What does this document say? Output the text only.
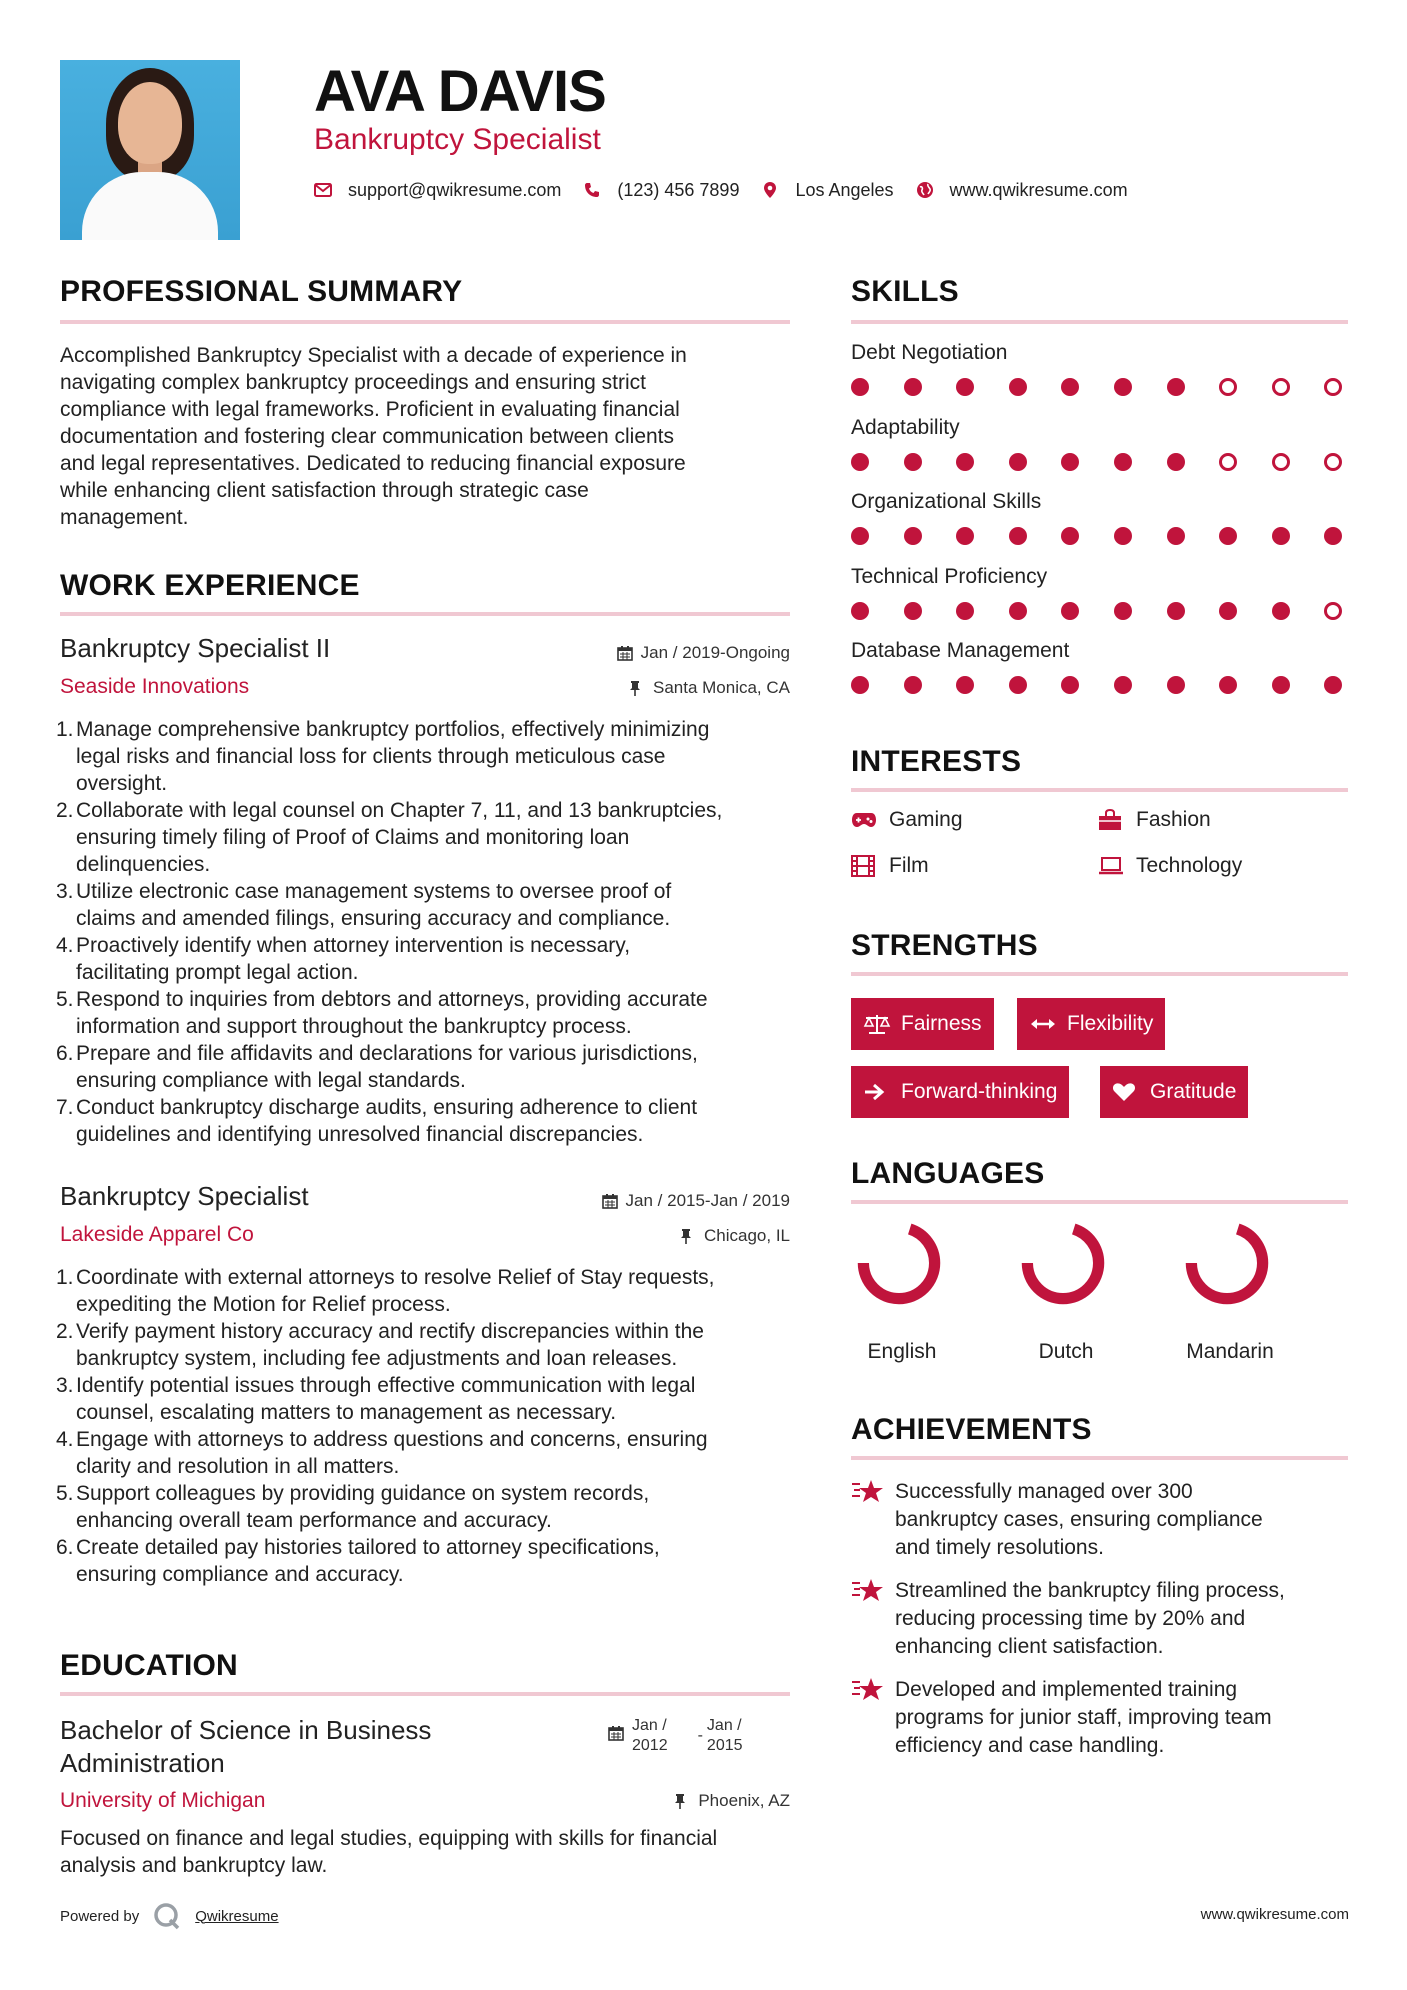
AVA DAVIS
Bankruptcy Specialist
support@qwikresume.com	(123) 456 7899	Los Angeles	www.qwikresume.com
PROFESSIONAL SUMMARY
Accomplished Bankruptcy Specialist with a decade of experience in
navigating complex bankruptcy proceedings and ensuring strict
compliance with legal frameworks. Proficient in evaluating financial
documentation and fostering clear communication between clients
and legal representatives. Dedicated to reducing financial exposure
while enhancing client satisfaction through strategic case
management.
WORK EXPERIENCE
Bankruptcy Specialist II	Jan / 2019-Ongoing
Seaside Innovations	Santa Monica, CA
1. Manage comprehensive bankruptcy portfolios, effectively minimizing
legal risks and financial loss for clients through meticulous case
oversight.
2. Collaborate with legal counsel on Chapter 7, 11, and 13 bankruptcies,
ensuring timely filing of Proof of Claims and monitoring loan
delinquencies.
3. Utilize electronic case management systems to oversee proof of
claims and amended filings, ensuring accuracy and compliance.
4. Proactively identify when attorney intervention is necessary,
facilitating prompt legal action.
5. Respond to inquiries from debtors and attorneys, providing accurate
information and support throughout the bankruptcy process.
6. Prepare and file affidavits and declarations for various jurisdictions,
ensuring compliance with legal standards.
7. Conduct bankruptcy discharge audits, ensuring adherence to client
guidelines and identifying unresolved financial discrepancies.
Bankruptcy Specialist	Jan / 2015-Jan / 2019
Lakeside Apparel Co	Chicago, IL
1. Coordinate with external attorneys to resolve Relief of Stay requests,
expediting the Motion for Relief process.
2. Verify payment history accuracy and rectify discrepancies within the
bankruptcy system, including fee adjustments and loan releases.
3. Identify potential issues through effective communication with legal
counsel, escalating matters to management as necessary.
4. Engage with attorneys to address questions and concerns, ensuring
clarity and resolution in all matters.
5. Support colleagues by providing guidance on system records,
enhancing overall team performance and accuracy.
6. Create detailed pay histories tailored to attorney specifications,
ensuring compliance and accuracy.
EDUCATION
Bachelor of Science in Business
Administration
Jan /
2012
-
Jan /
2015
University of Michigan	Phoenix, AZ
Focused on finance and legal studies, equipping with skills for financial
analysis and bankruptcy law.
SKILLS
Debt Negotiation
Adaptability
Organizational Skills
Technical Proficiency
Database Management
INTERESTS
Gaming	Fashion
Film	Technology
STRENGTHS
Fairness	Flexibility
Forward-thinking	Gratitude
LANGUAGES
English	Dutch	Mandarin
ACHIEVEMENTS
Successfully managed over 300
bankruptcy cases, ensuring compliance
and timely resolutions.
Streamlined the bankruptcy filing process,
reducing processing time by 20% and
enhancing client satisfaction.
Developed and implemented training
programs for junior staff, improving team
efficiency and case handling.
Powered by	Qwikresume	www.qwikresume.com
